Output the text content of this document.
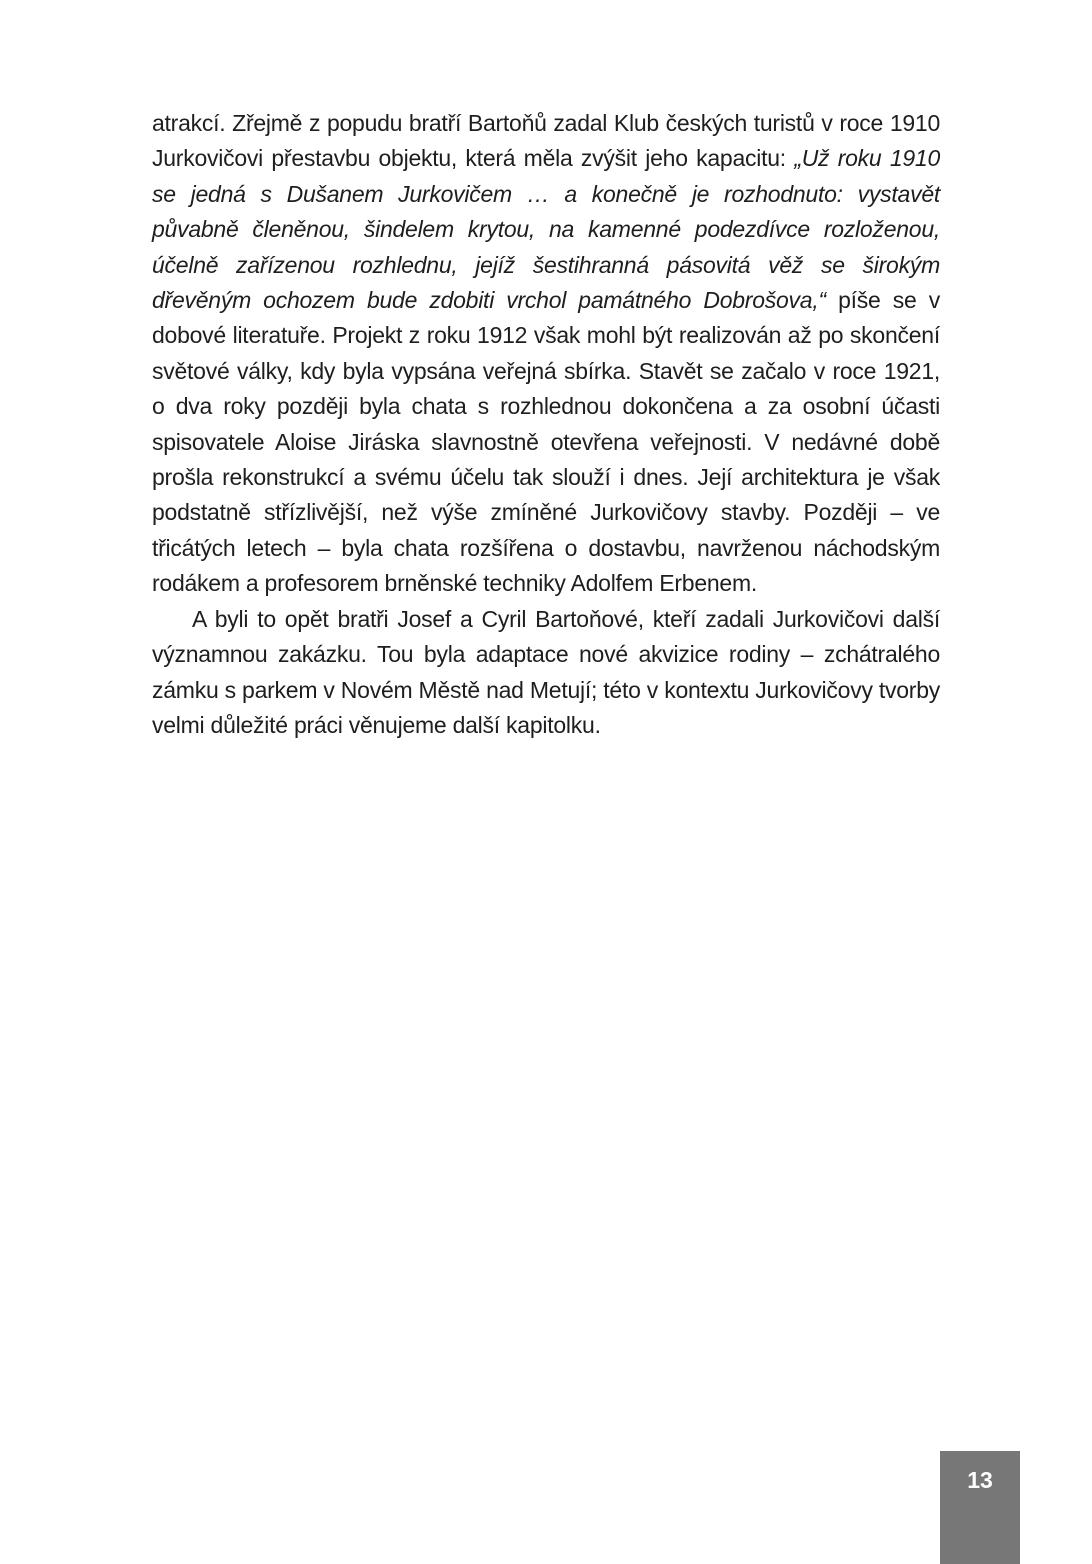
atrakcí. Zřejmě z popudu bratří Bartoňů zadal Klub českých turistů v roce 1910 Jurkovičovi přestavbu objektu, která měla zvýšit jeho kapacitu: „Už roku 1910 se jedná s Dušanem Jurkovičem … a konečně je rozhodnuto: vystavět půvabně členěnou, šindelem krytou, na kamenné podezdívce rozloženou, účelně zařízenou rozhlednu, jejíž šestihranná pásovitá věž se širokým dřevěným ochozem bude zdobiti vrchol památného Dobrošova,“ píše se v dobové literatuře. Projekt z roku 1912 však mohl být realizován až po skončení světové války, kdy byla vypsána veřejná sbírka. Stavět se začalo v roce 1921, o dva roky později byla chata s rozhlednou dokončena a za osobní účasti spisovatele Aloise Jiráska slavnostně otevřena veřejnosti. V nedávné době prošla rekonstrukcí a svému účelu tak slouží i dnes. Její architektura je však podstatně střízlivější, než výše zmíněné Jurkovičovy stavby. Později – ve třicátých letech – byla chata rozšířena o dostavbu, navrženou náchodským rodákem a profesorem brněnské techniky Adolfem Erbenem.

A byli to opět bratři Josef a Cyril Bartoňové, kteří zadali Jurkovičovi další významnou zakázku. Tou byla adaptace nové akvizice rodiny – zchátralého zámku s parkem v Novém Městě nad Metují; této v kontextu Jurkovičovy tvorby velmi důležité práci věnujeme další kapitolku.

13
